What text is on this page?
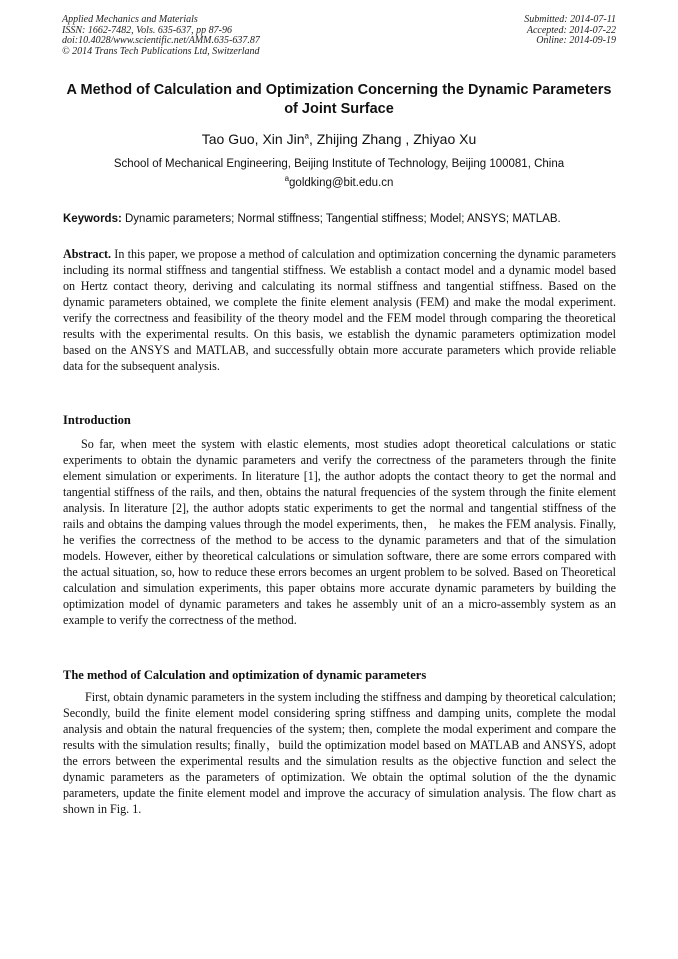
Applied Mechanics and Materials
ISSN: 1662-7482, Vols. 635-637, pp 87-96
doi:10.4028/www.scientific.net/AMM.635-637.87
© 2014 Trans Tech Publications Ltd, Switzerland
Submitted: 2014-07-11
Accepted: 2014-07-22
Online: 2014-09-19
A Method of Calculation and Optimization Concerning the Dynamic Parameters of Joint Surface
Tao Guo, Xin Jin$^a$, Zhijing Zhang , Zhiyao Xu
School of Mechanical Engineering, Beijing Institute of Technology, Beijing 100081, China
$^a$goldking@bit.edu.cn
Keywords: Dynamic parameters; Normal stiffness; Tangential stiffness; Model; ANSYS; MATLAB.
Abstract. In this paper, we propose a method of calculation and optimization concerning the dynamic parameters including its normal stiffness and tangential stiffness. We establish a contact model and a dynamic model based on Hertz contact theory, deriving and calculating its normal stiffness and tangential stiffness. Based on the dynamic parameters obtained, we complete the finite element analysis (FEM) and make the modal experiment. verify the correctness and feasibility of the theory model and the FEM model through comparing the theoretical results with the experimental results. On this basis, we establish the dynamic parameters optimization model based on the ANSYS and MATLAB, and successfully obtain more accurate parameters which provide reliable data for the subsequent analysis.
Introduction
So far, when meet the system with elastic elements, most studies adopt theoretical calculations or static experiments to obtain the dynamic parameters and verify the correctness of the parameters through the finite element simulation or experiments. In literature [1], the author adopts the contact theory to get the normal and tangential stiffness of the rails, and then, obtains the natural frequencies of the system through the finite element analysis. In literature [2], the author adopts static experiments to get the normal and tangential stiffness of the rails and obtains the damping values through the model experiments, then， he makes the FEM analysis. Finally, he verifies the correctness of the method to be access to the dynamic parameters and that of the simulation models. However, either by theoretical calculations or simulation software, there are some errors compared with the actual situation, so, how to reduce these errors becomes an urgent problem to be solved. Based on Theoretical calculation and simulation experiments, this paper obtains more accurate dynamic parameters by building the optimization model of dynamic parameters and takes he assembly unit of an a micro-assembly system as an example to verify the correctness of the method.
The method of Calculation and optimization of dynamic parameters
First, obtain dynamic parameters in the system including the stiffness and damping by theoretical calculation; Secondly, build the finite element model considering spring stiffness and damping units, complete the modal analysis and obtain the natural frequencies of the system; then, complete the modal experiment and compare the results with the simulation results; finally，build the optimization model based on MATLAB and ANSYS, adopt the errors between the experimental results and the simulation results as the objective function and select the dynamic parameters as the parameters of optimization. We obtain the optimal solution of the the dynamic parameters, update the finite element model and improve the accuracy of simulation analysis. The flow chart as shown in Fig. 1.
